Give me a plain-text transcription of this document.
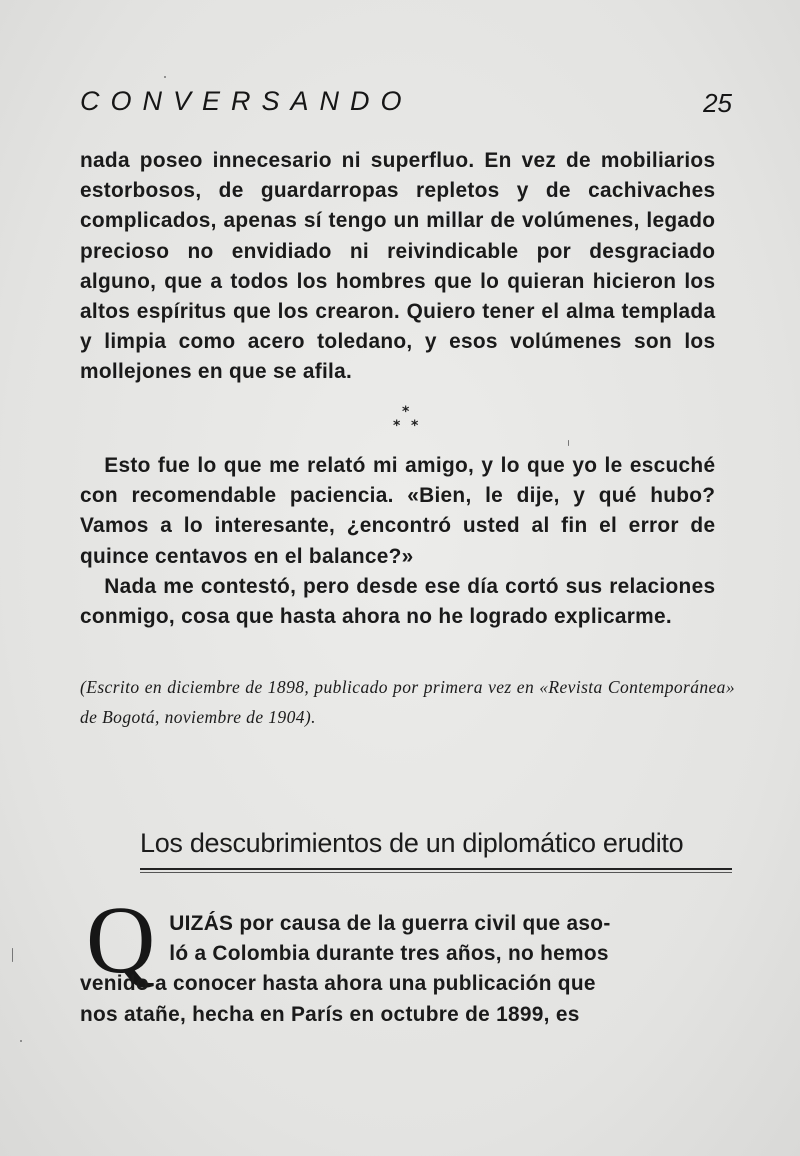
CONVERSANDO	25

nada poseo innecesario ni superfluo. En vez de mobiliarios estorbosos, de guardarropas repletos y de cachivaches complicados, apenas sí tengo un millar de volúmenes, legado precioso no envidiado ni reivindicable por desgraciado alguno, que a todos los hombres que lo quieran hicieron los altos espíritus que los crearon. Quiero tener el alma templada y limpia como acero toledano, y esos volúmenes son los mollejones en que se afila.

*
* *

Esto fue lo que me relató mi amigo, y lo que yo le escuché con recomendable paciencia. «Bien, le dije, y qué hubo? Vamos a lo interesante, ¿encontró usted al fin el error de quince centavos en el balance?»

Nada me contestó, pero desde ese día cortó sus relaciones conmigo, cosa que hasta ahora no he logrado explicarme.

(Escrito en diciembre de 1898, publicado por primera vez en «Revista Contemporánea» de Bogotá, noviembre de 1904).
Los descubrimientos de un diplomático erudito
Q UIZÁS por causa de la guerra civil que aso-
ló a Colombia durante tres años, no hemos
venido a conocer hasta ahora una publicación que
nos atañe, hecha en París en octubre de 1899, es
